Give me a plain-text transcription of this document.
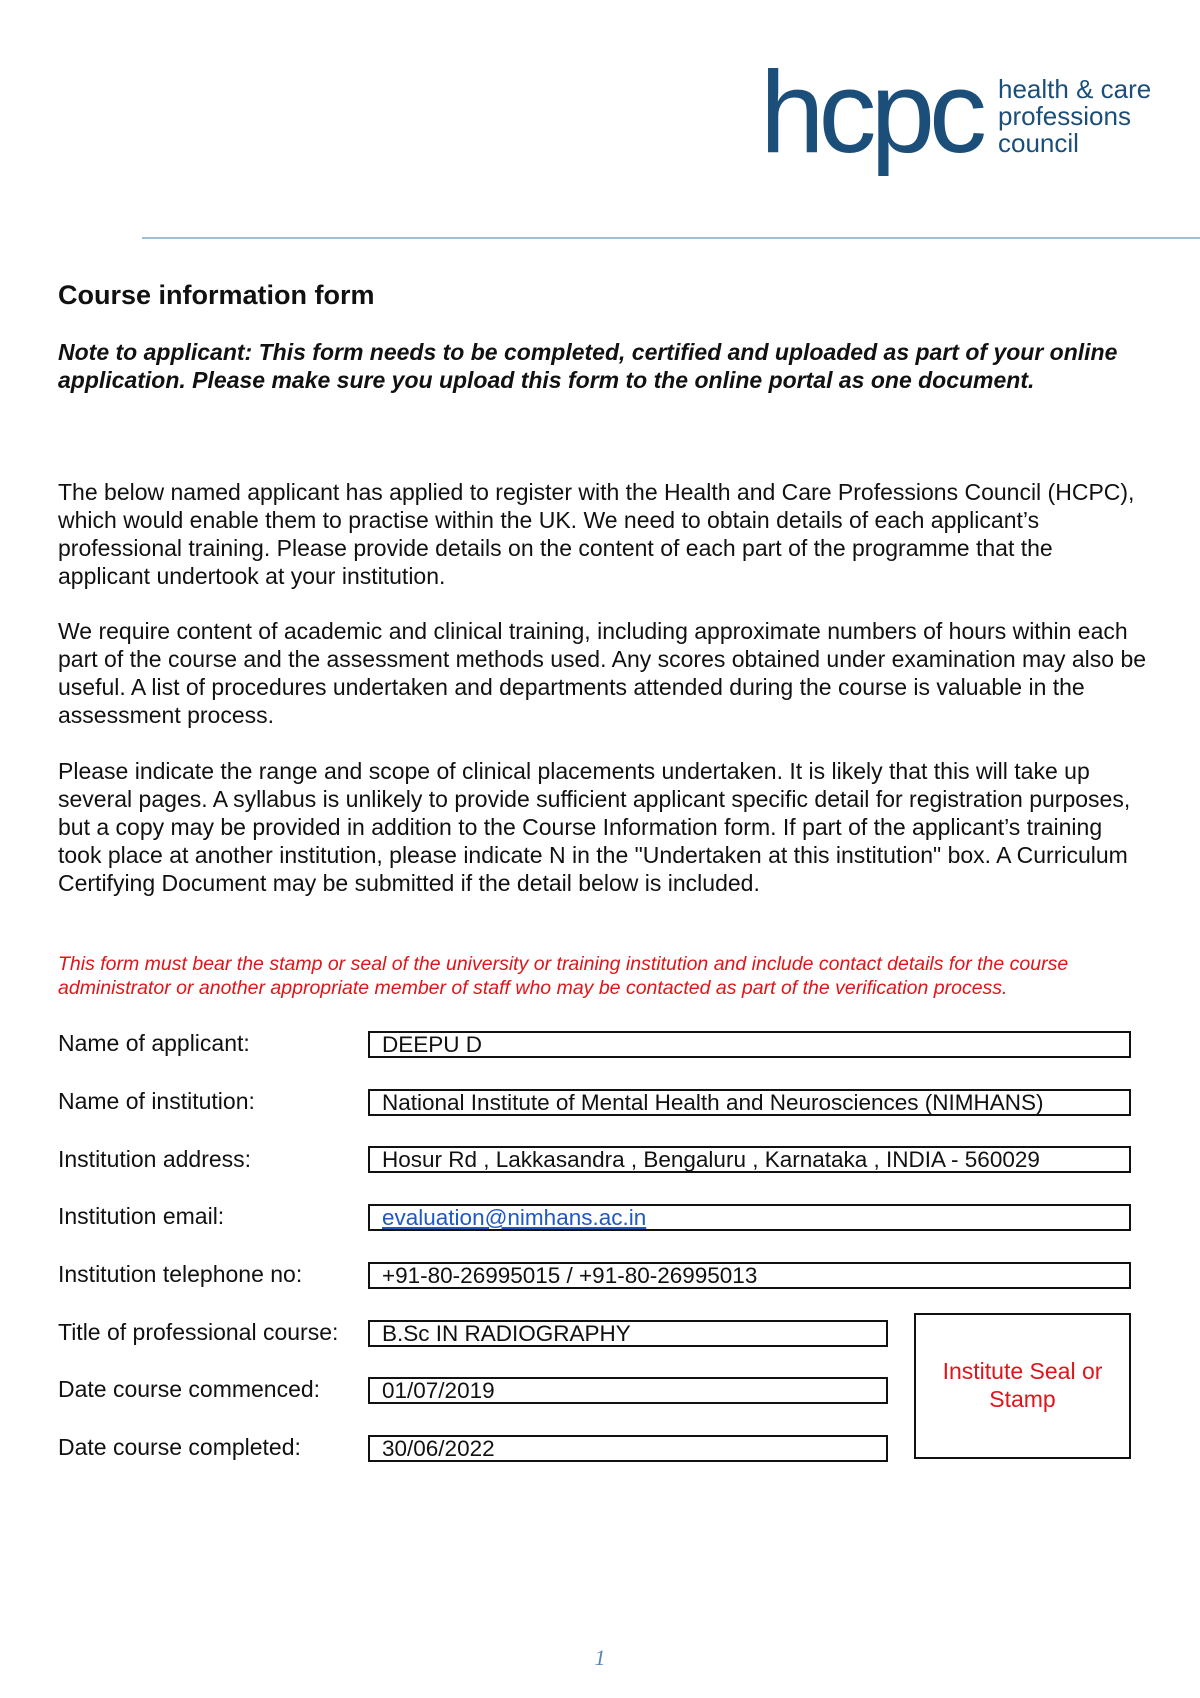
hcpc health & care
professions
council
Course information form
Note to applicant: This form needs to be completed, certified and uploaded as part of your online application. Please make sure you upload this form to the online portal as one document.
The below named applicant has applied to register with the Health and Care Professions Council (HCPC), which would enable them to practise within the UK. We need to obtain details of each applicant’s professional training. Please provide details on the content of each part of the programme that the applicant undertook at your institution.
We require content of academic and clinical training, including approximate numbers of hours within each part of the course and the assessment methods used. Any scores obtained under examination may also be useful. A list of procedures undertaken and departments attended during the course is valuable in the assessment process.
Please indicate the range and scope of clinical placements undertaken. It is likely that this will take up several pages. A syllabus is unlikely to provide sufficient applicant specific detail for registration purposes, but a copy may be provided in addition to the Course Information form. If part of the applicant’s training took place at another institution, please indicate N in the "Undertaken at this institution" box. A Curriculum Certifying Document may be submitted if the detail below is included.
This form must bear the stamp or seal of the university or training institution and include contact details for the course administrator or another appropriate member of staff who may be contacted as part of the verification process.
Name of applicant:	DEEPU D
Name of institution:	National Institute of Mental Health and Neurosciences (NIMHANS)
Institution address:	Hosur Rd , Lakkasandra , Bengaluru , Karnataka , INDIA - 560029
Institution email:	evaluation@nimhans.ac.in
Institution telephone no:	+91-80-26995015 / +91-80-26995013
Title of professional course:	B.Sc IN RADIOGRAPHY
Date course commenced:	01/07/2019
Date course completed:	30/06/2022
Institute Seal or Stamp
1
